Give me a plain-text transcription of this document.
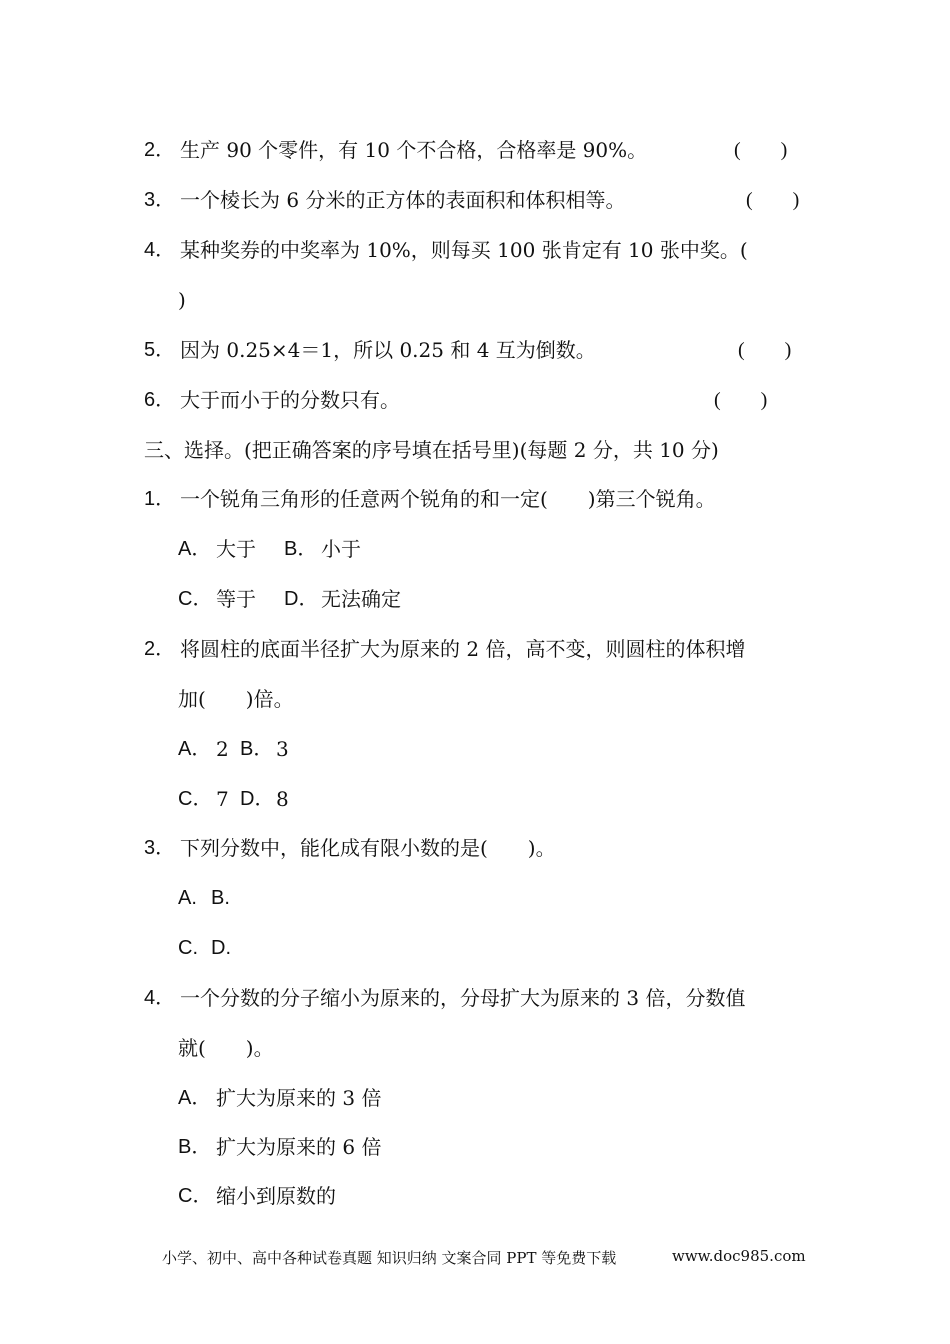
2． 生产 90 个零件，有 10 个不合格，合格率是 90%。	(　　)
3． 一个棱长为 6 分米的正方体的表面积和体积相等。	(　　)
4． 某种奖券的中奖率为 10%，则每买 100 张肯定有 10 张中奖。(
)
5． 因为 0.25×4＝1，所以 0.25 和 4 互为倒数。	(　　)
6． 大于而小于的分数只有。	(　　)
三、选择。(把正确答案的序号填在括号里)(每题 2 分，共 10 分)
1． 一个锐角三角形的任意两个锐角的和一定(　　)第三个锐角。
A． 大于 B． 小于
C． 等于 D． 无法确定
2． 将圆柱的底面半径扩大为原来的 2 倍，高不变，则圆柱的体积增
加(　　)倍。
A． 2 B． 3
C． 7 D． 8
3． 下列分数中，能化成有限小数的是(　　)。
A. B.
C. D.
4． 一个分数的分子缩小为原来的，分母扩大为原来的 3 倍，分数值
就(　　)。
A． 扩大为原来的 3 倍
B． 扩大为原来的 6 倍
C． 缩小到原数的
小学、初中、高中各种试卷真题 知识归纳 文案合同 PPT 等免费下载	www.doc985.com
